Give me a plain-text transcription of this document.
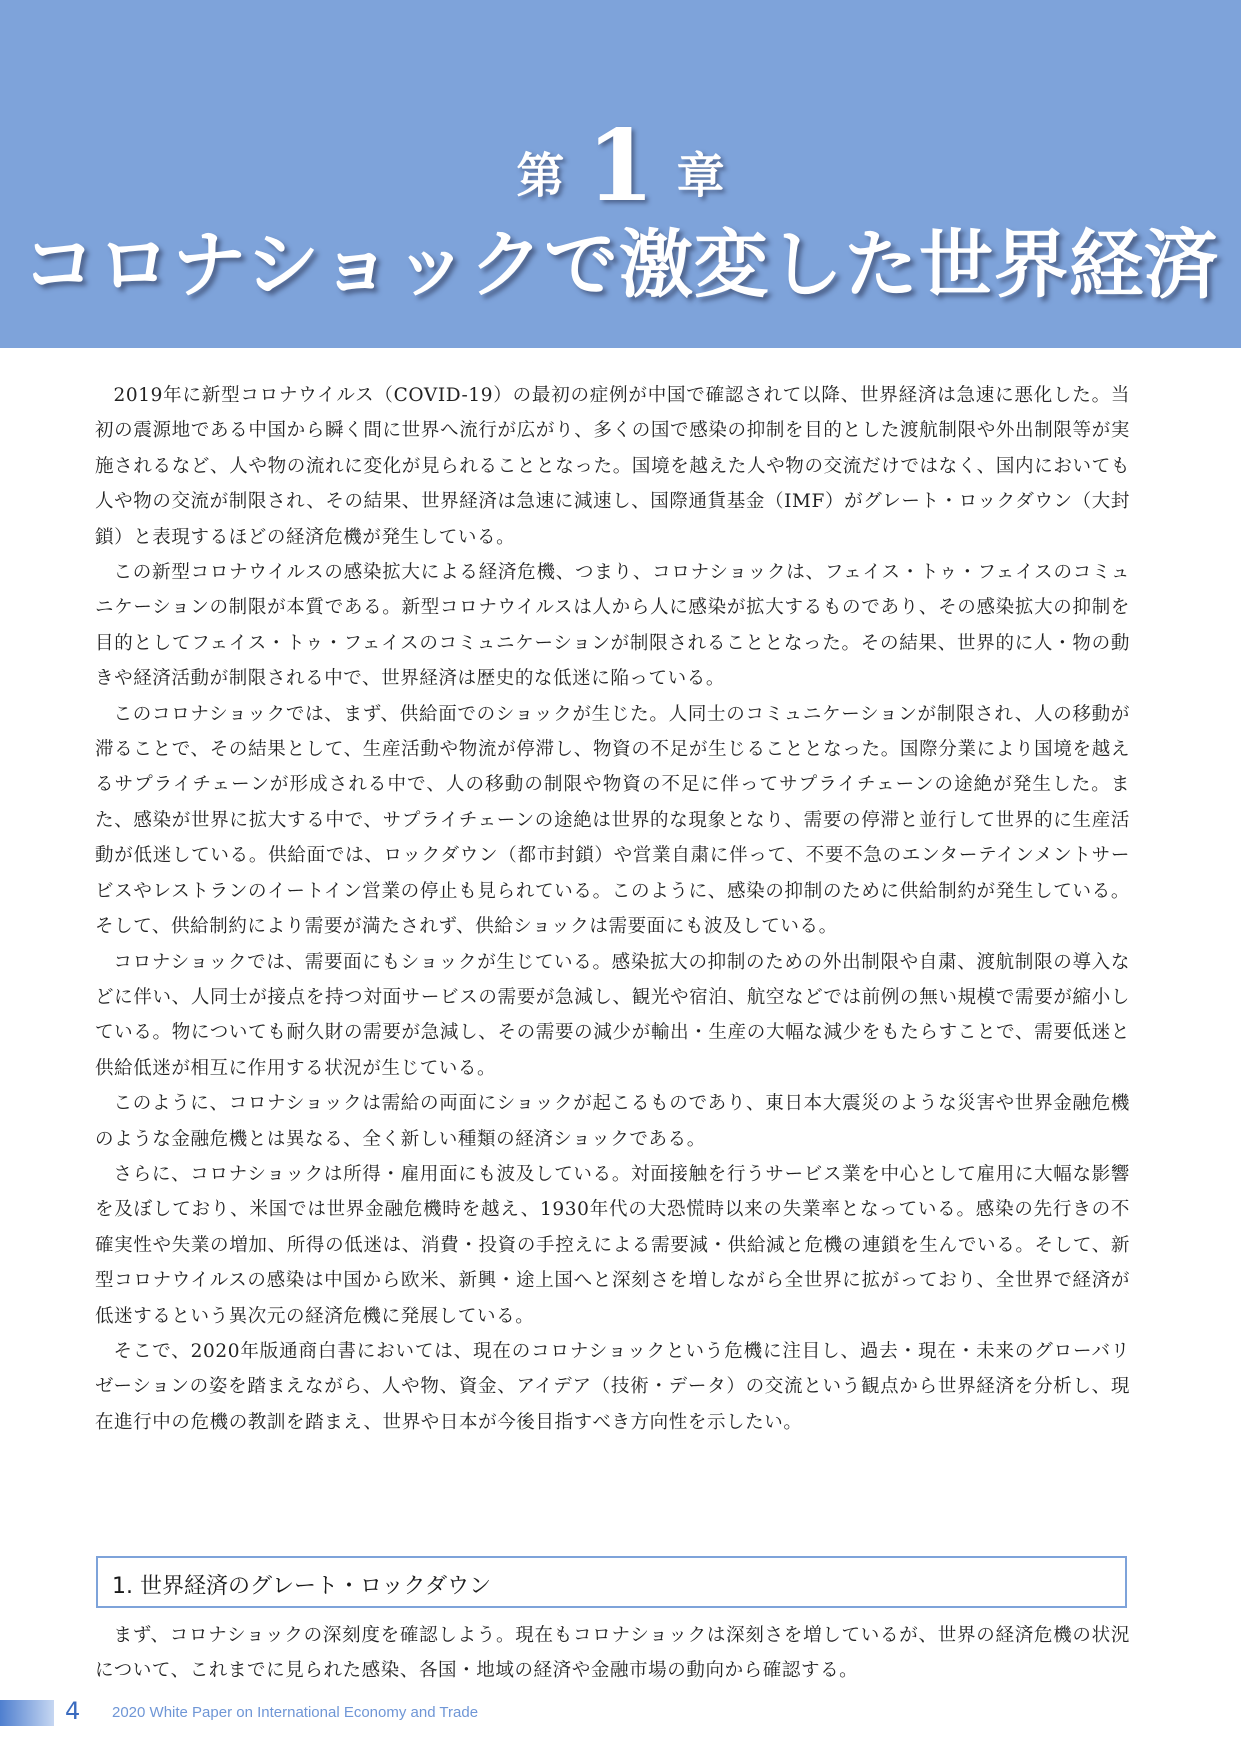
第 1 章
コロナショックで激変した世界経済

2019年に新型コロナウイルス（COVID-19）の最初の症例が中国で確認されて以降、世界経済は急速に悪化した。当初の震源地である中国から瞬く間に世界へ流行が広がり、多くの国で感染の抑制を目的とした渡航制限や外出制限等が実施されるなど、人や物の流れに変化が見られることとなった。国境を越えた人や物の交流だけではなく、国内においても人や物の交流が制限され、その結果、世界経済は急速に減速し、国際通貨基金（IMF）がグレート・ロックダウン（大封鎖）と表現するほどの経済危機が発生している。

この新型コロナウイルスの感染拡大による経済危機、つまり、コロナショックは、フェイス・トゥ・フェイスのコミュニケーションの制限が本質である。新型コロナウイルスは人から人に感染が拡大するものであり、その感染拡大の抑制を目的としてフェイス・トゥ・フェイスのコミュニケーションが制限されることとなった。その結果、世界的に人・物の動きや経済活動が制限される中で、世界経済は歴史的な低迷に陥っている。

このコロナショックでは、まず、供給面でのショックが生じた。人同士のコミュニケーションが制限され、人の移動が滞ることで、その結果として、生産活動や物流が停滞し、物資の不足が生じることとなった。国際分業により国境を越えるサプライチェーンが形成される中で、人の移動の制限や物資の不足に伴ってサプライチェーンの途絶が発生した。また、感染が世界に拡大する中で、サプライチェーンの途絶は世界的な現象となり、需要の停滞と並行して世界的に生産活動が低迷している。供給面では、ロックダウン（都市封鎖）や営業自粛に伴って、不要不急のエンターテインメントサービスやレストランのイートイン営業の停止も見られている。このように、感染の抑制のために供給制約が発生している。そして、供給制約により需要が満たされず、供給ショックは需要面にも波及している。

コロナショックでは、需要面にもショックが生じている。感染拡大の抑制のための外出制限や自粛、渡航制限の導入などに伴い、人同士が接点を持つ対面サービスの需要が急減し、観光や宿泊、航空などでは前例の無い規模で需要が縮小している。物についても耐久財の需要が急減し、その需要の減少が輸出・生産の大幅な減少をもたらすことで、需要低迷と供給低迷が相互に作用する状況が生じている。

このように、コロナショックは需給の両面にショックが起こるものであり、東日本大震災のような災害や世界金融危機のような金融危機とは異なる、全く新しい種類の経済ショックである。

さらに、コロナショックは所得・雇用面にも波及している。対面接触を行うサービス業を中心として雇用に大幅な影響を及ぼしており、米国では世界金融危機時を越え、1930年代の大恐慌時以来の失業率となっている。感染の先行きの不確実性や失業の増加、所得の低迷は、消費・投資の手控えによる需要減・供給減と危機の連鎖を生んでいる。そして、新型コロナウイルスの感染は中国から欧米、新興・途上国へと深刻さを増しながら全世界に拡がっており、全世界で経済が低迷するという異次元の経済危機に発展している。

そこで、2020年版通商白書においては、現在のコロナショックという危機に注目し、過去・現在・未来のグローバリゼーションの姿を踏まえながら、人や物、資金、アイデア（技術・データ）の交流という観点から世界経済を分析し、現在進行中の危機の教訓を踏まえ、世界や日本が今後目指すべき方向性を示したい。

1. 世界経済のグレート・ロックダウン

まず、コロナショックの深刻度を確認しよう。現在もコロナショックは深刻さを増しているが、世界の経済危機の状況について、これまでに見られた感染、各国・地域の経済や金融市場の動向から確認する。

4 2020 White Paper on International Economy and Trade
